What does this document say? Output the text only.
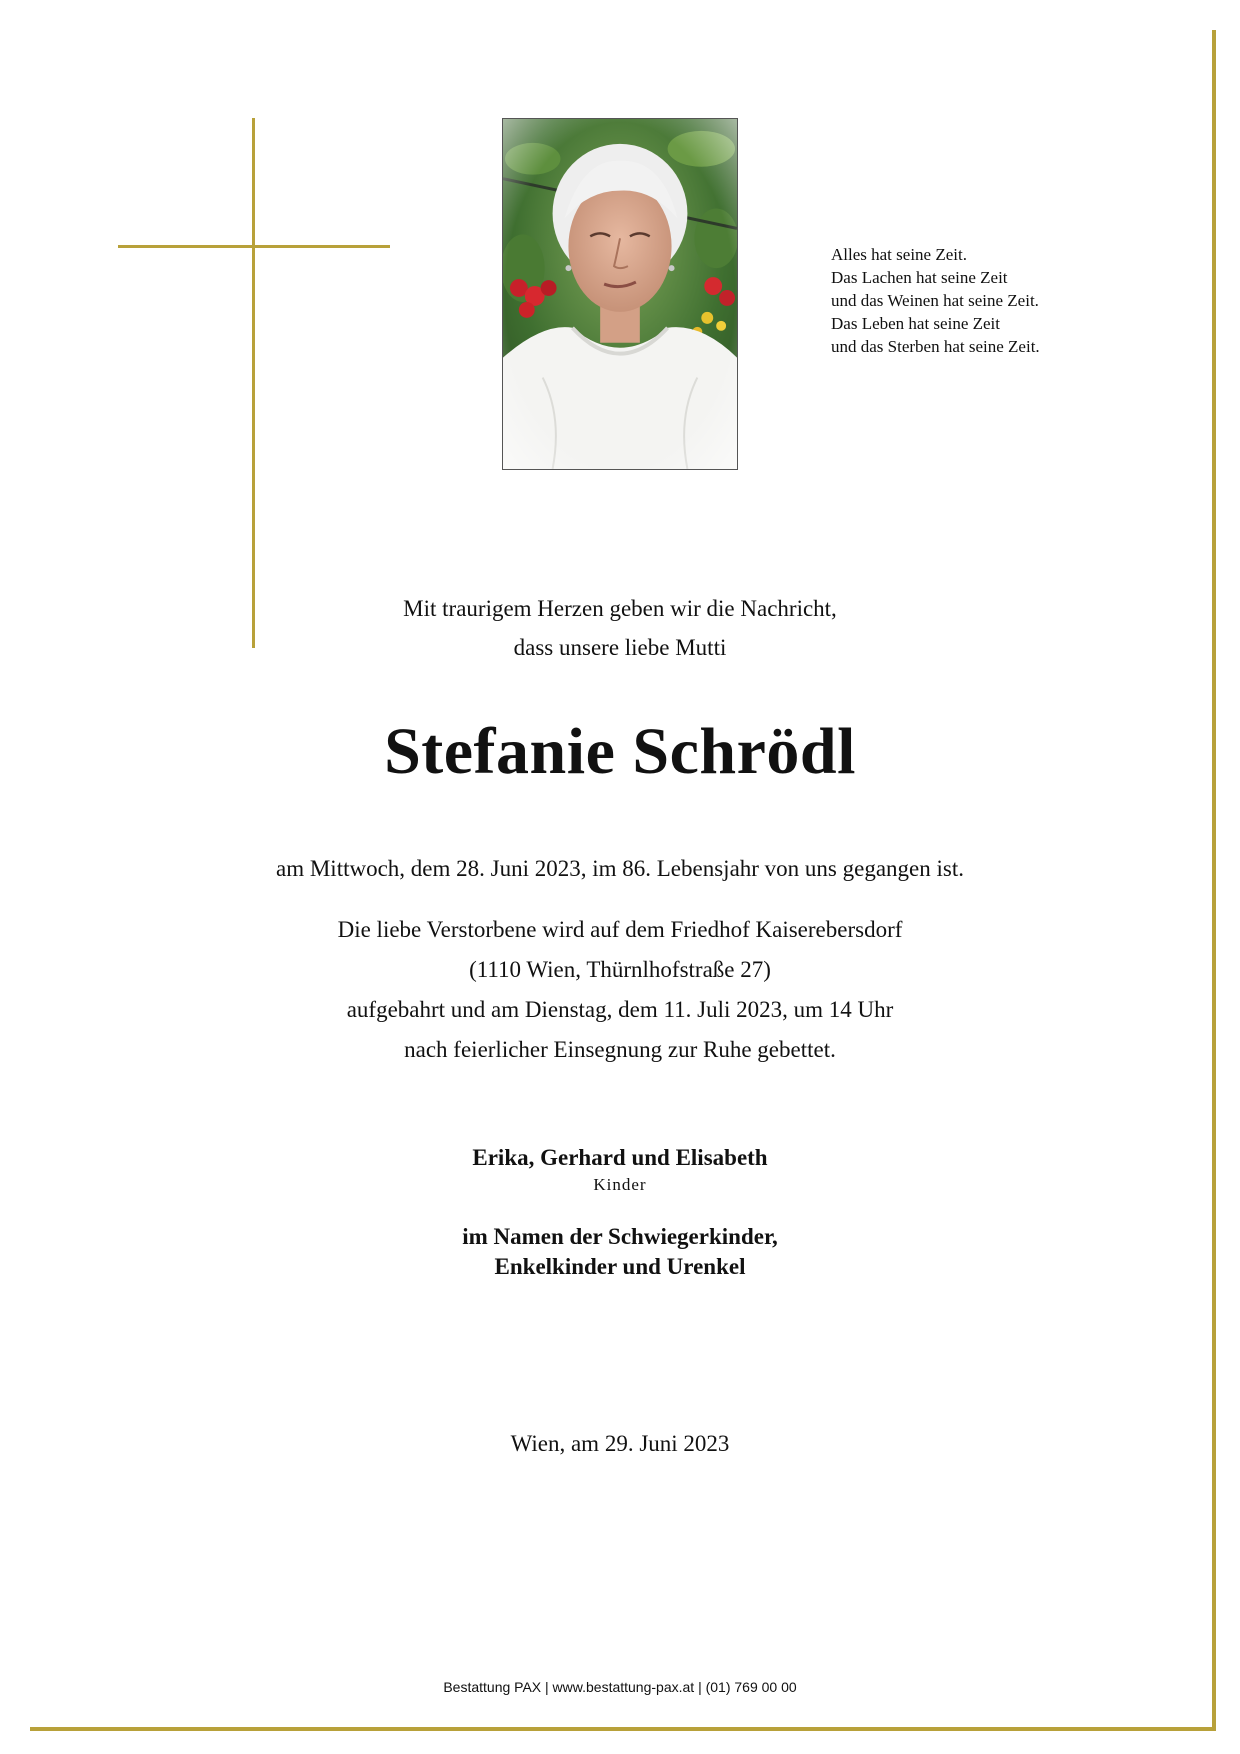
Alles hat seine Zeit.
Das Lachen hat seine Zeit
und das Weinen hat seine Zeit.
Das Leben hat seine Zeit
und das Sterben hat seine Zeit.
Mit traurigem Herzen geben wir die Nachricht,
dass unsere liebe Mutti
Stefanie Schrödl
am Mittwoch, dem 28. Juni 2023, im 86. Lebensjahr von uns gegangen ist.
Die liebe Verstorbene wird auf dem Friedhof Kaiserebersdorf
(1110 Wien, Thürnlhofstraße 27)
aufgebahrt und am Dienstag, dem 11. Juli 2023, um 14 Uhr
nach feierlicher Einsegnung zur Ruhe gebettet.
Erika, Gerhard und Elisabeth
Kinder
im Namen der Schwiegerkinder,
Enkelkinder und Urenkel
Wien, am 29. Juni 2023
Bestattung PAX | www.bestattung-pax.at | (01) 769 00 00
